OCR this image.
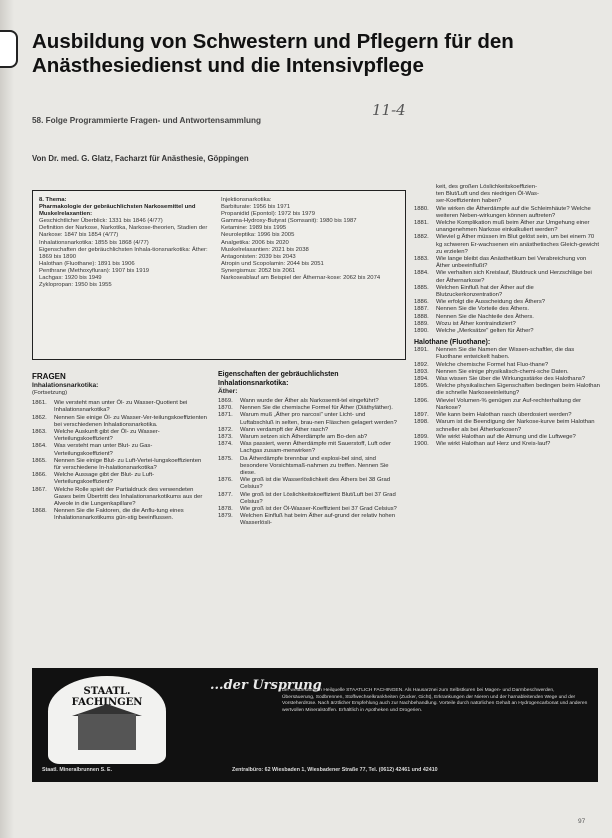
Ausbildung von Schwestern und Pflegern für den
Anästhesiedienst und die Intensivpflege
58. Folge Programmierte Fragen- und Antwortensammlung
11-4
Von Dr. med. G. Glatz, Facharzt für Anästhesie, Göppingen
8. Thema:
Pharmakologie der gebräuchlichsten Narkosemittel und Muskelrelaxantien:
Geschichtlicher Überblick: 1331 bis 1846 (4/77)
Definition der Narkose, Narkotika, Narkose-theorien, Stadien der Narkose: 1847 bis 1854 (4/77)
Inhalationsnarkotika: 1855 bis 1868 (4/77)
Eigenschaften der gebräuchlichsten Inhala-tionsnarkotika: Äther: 1869 bis 1890
Halothan (Fluothane): 1891 bis 1906
Penthrane (Methoxyfluran): 1907 bis 1919
Lachgas: 1920 bis 1949
Zyklopropan: 1950 bis 1955
Injektionsnarkotika:
Barbiturate: 1956 bis 1971
Propanidid (Epontol): 1972 bis 1979
Gamma-Hydroxy-Butyrat (Somsanit): 1980 bis 1987
Ketamine: 1989 bis 1995
Neuroleptika: 1996 bis 2005
Analgetika: 2006 bis 2020
Muskelrelaxantien: 2021 bis 2038
Antagonisten: 2039 bis 2043
Atropin und Scopolamin: 2044 bis 2051
Synergismus: 2052 bis 2061
Narkoseablauf am Beispiel der Äthernar-kose: 2062 bis 2074
FRAGEN
Inhalationsnarkotika:
(Fortsetzung)
1861.	Wie versteht man unter Öl- zu Wasser-Quotient bei Inhalationsnarkotika?
1862.	Nennen Sie einige Öl- zu Wasser-Ver-teilungskoeffizienten bei verschiedenen Inhalationsnarkotika.
1863.	Welche Auskunft gibt der Öl- zu Wasser-Verteilungskoeffizient?
1864.	Was versteht man unter Blut- zu Gas-Verteilungskoeffizient?
1865.	Nennen Sie einige Blut- zu Luft-Vertei-lungskoeffizienten für verschiedene In-halationsnarkotika?
1866.	Welche Aussage gibt der Blut- zu Luft-Verteilungskoeffizient?
1867.	Welche Rolle spielt der Partialdruck des verwendeten Gases beim Übertritt des Inhalationsnarkotikums aus der Alveole in die Lungenkapillare?
1868.	Nennen Sie die Faktoren, die die Anflu-tung eines Inhalationsnarkotikums gün-stig beeinflussen.
Eigenschaften der gebräuchlichsten Inhalationsnarkotika:
Äther:
1869.	Wann wurde der Äther als Narkosemit-tel eingeführt?
1870.	Nennen Sie die chemische Formel für Äther (Diäthyläther).
1871.	Warum muß „Äther pro narcosi" unter Licht- und Luftabschluß in selten, brau-nen Fläschen gelagert werden?
1872.	Wann verdampft der Äther rasch?
1873.	Warum setzen sich Ätherdämpfe am Bo-den ab?
1874.	Was passiert, wenn Ätherdämpfe mit Sauerstoff, Luft oder Lachgas zusam-menwirken?
1875.	Da Ätherdämpfe brennbar und explosi-bel sind, sind besondere Vorsichtsmaß-nahmen zu treffen. Nennen Sie diese.
1876.	Wie groß ist die Wasserlöslichkeit des Äthers bei 38 Grad Celsius?
1877.	Wie groß ist der Löslichkeitskoeffizient Blut/Luft bei 37 Grad Celsius?
1878.	Wie groß ist der Öl-Wasser-Koeffizient bei 37 Grad Celsius?
1879.	Welchen Einfluß hat beim Äther auf-grund der relativ hohen Wasserlösli-
keit, des großen Löslichkeitskoeffizien-
ten Blut/Luft und des niedrigen Öl-Was-
ser-Koeffizienten haben?
1880.	Wie wirken die Ätherdämpfe auf die Schleimhäute? Welche weiteren Neben-wirkungen können auftreten?
1881.	Welche Komplikation muß beim Äther zur Umgehung einer unangenehmen Narkose einkalkuliert werden?
1882.	Wieviel g Äther müssen im Blut gelöst sein, um bei einem 70 kg schweren Er-wachsenen ein anästhetisches Gleich-gewicht zu erzielen?
1883.	Wie lange bleibt das Anästhetikum bei Verabreichung von Äther unbeeinflußt?
1884.	Wie verhalten sich Kreislauf, Blutdruck und Herzschläge bei der Äthernarkose?
1885.	Welchen Einfluß hat der Äther auf die Blutzuckerkonzentration?
1886.	Wie erfolgt die Ausscheidung des Äthers?
1887.	Nennen Sie die Vorteile des Äthers.
1888.	Nennen Sie die Nachteile des Äthers.
1889.	Wozu ist Äther kontraindiziert?
1890.	Welche „Merksätze" gelten für Äther?
Halothane (Fluothane):
1891.	Nennen Sie die Namen der Wissen-schaftler, die das Fluothane entwickelt haben.
1892.	Welche chemische Formel hat Fluo-thane?
1893.	Nennen Sie einige physikalisch-chemi-sche Daten.
1894.	Was wissen Sie über die Wirkungsstärke des Halothans?
1895.	Welche physikalischen Eigenschaften bedingen beim Halothan die schnelle Narkoseeinleitung?
1896.	Wieviel Volumen-% genügen zur Auf-rechterhaltung der Narkose?
1897.	Wie kann beim Halothan rasch überdosiert werden?
1898.	Warum ist die Beendigung der Narkose-kurve beim Halothan schneller als bei Ätherkarkosen?
1899.	Wie wirkt Halothan auf die Atmung und die Luftwege?
1900.	Wie wirkt Halothan auf Herz und Kreis-lauf?
STAATL. FACHINGEN
...der Ursprung
der weltbekannten Heilquelle STAATLICH FACHINGEN. Als Hausarznei zum Selbstkuren bei Magen- und Darmbeschwerden, Übersäuerung, Sodbrennen, Stoffwechselkrankheiten (Zucker, Gicht), Erkrankungen der Nieren und der harnableitenden Wege und der Vorsteherdrüse. Nach ärztlicher Empfehlung auch zur Nachbehandlung. Vorteile durch natürlichen Gehalt an Hydrogencarbonat und anderen wertvollen Mineralstoffen. Erhältlich in Apotheken und Drogerien.
Staatl. Mineralbrunnen S. E.	Zentralbüro: 62 Wiesbaden 1, Wiesbadener Straße 77, Tel. (0612) 42461 und 42410
97
